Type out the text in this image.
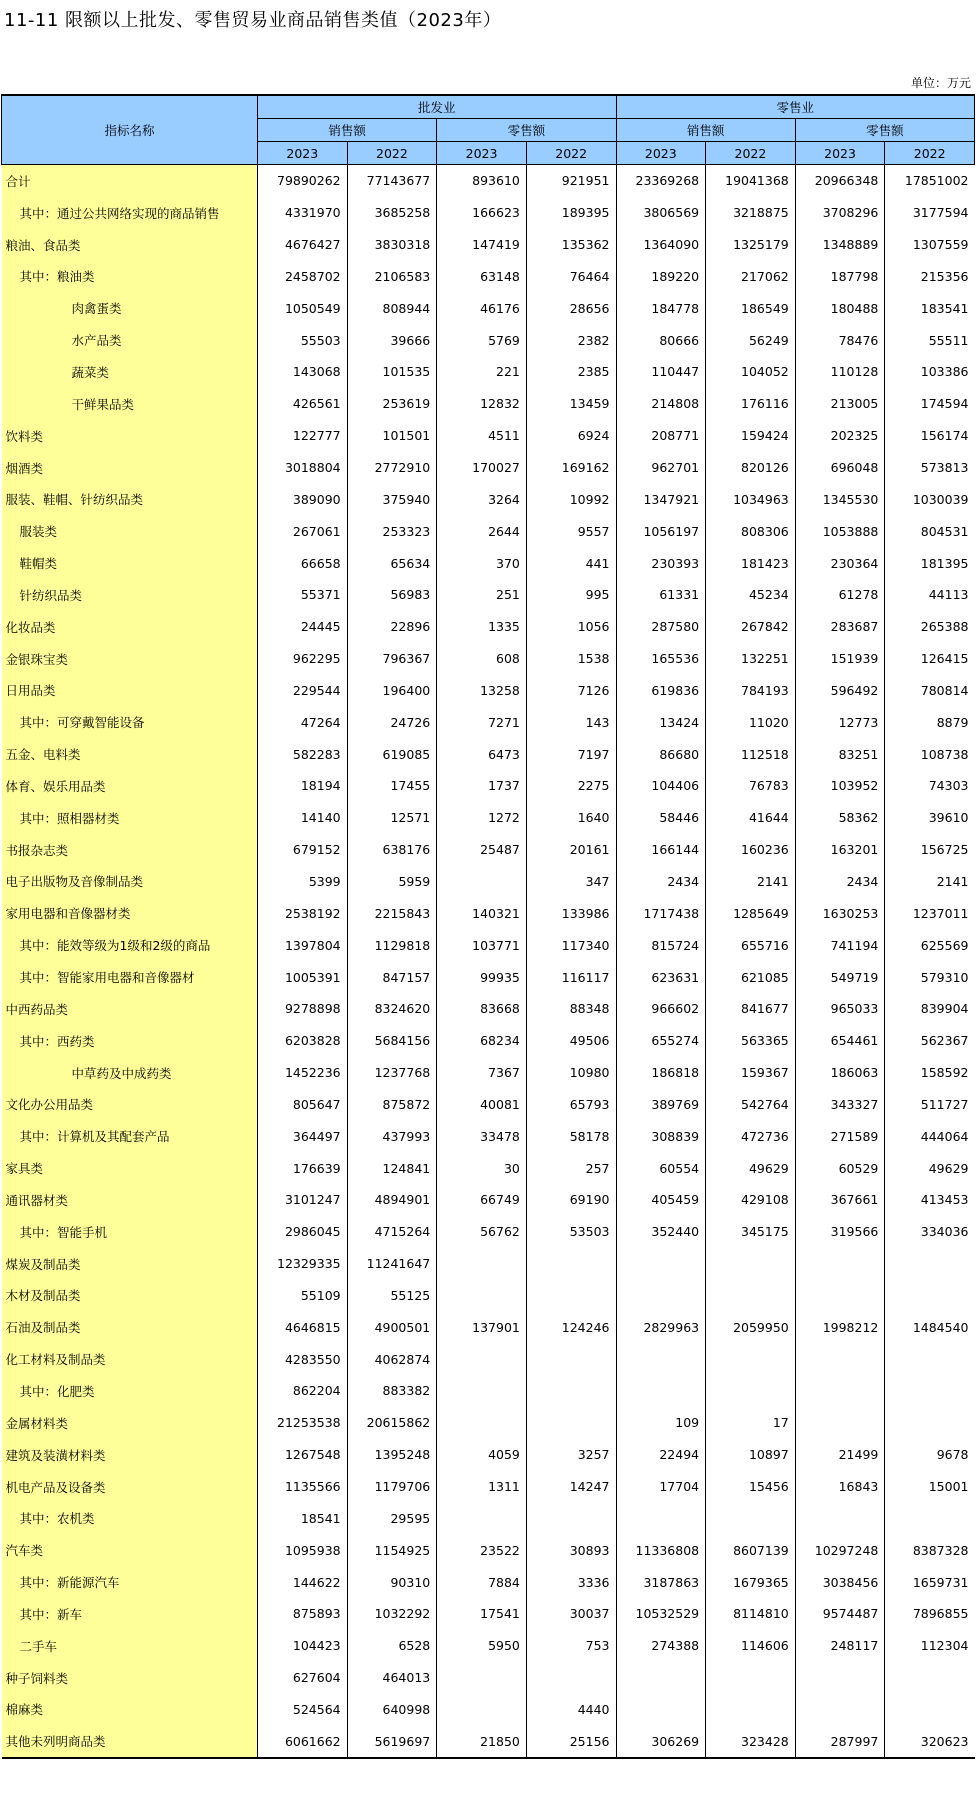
11-11 限额以上批发、零售贸易业商品销售类值（2023年）
单位：万元
指标名称	批发业				零售业			
	销售额		零售额		销售额		零售额	
	2023	2022	2023	2022	2023	2022	2023	2022
合计	79890262	77143677	893610	921951	23369268	19041368	20966348	17851002
其中：通过公共网络实现的商品销售	4331970	3685258	166623	189395	3806569	3218875	3708296	3177594
粮油、食品类	4676427	3830318	147419	135362	1364090	1325179	1348889	1307559
其中：粮油类	2458702	2106583	63148	76464	189220	217062	187798	215356
肉禽蛋类	1050549	808944	46176	28656	184778	186549	180488	183541
水产品类	55503	39666	5769	2382	80666	56249	78476	55511
蔬菜类	143068	101535	221	2385	110447	104052	110128	103386
干鲜果品类	426561	253619	12832	13459	214808	176116	213005	174594
饮料类	122777	101501	4511	6924	208771	159424	202325	156174
烟酒类	3018804	2772910	170027	169162	962701	820126	696048	573813
服装、鞋帽、针纺织品类	389090	375940	3264	10992	1347921	1034963	1345530	1030039
服装类	267061	253323	2644	9557	1056197	808306	1053888	804531
鞋帽类	66658	65634	370	441	230393	181423	230364	181395
针纺织品类	55371	56983	251	995	61331	45234	61278	44113
化妆品类	24445	22896	1335	1056	287580	267842	283687	265388
金银珠宝类	962295	796367	608	1538	165536	132251	151939	126415
日用品类	229544	196400	13258	7126	619836	784193	596492	780814
其中：可穿戴智能设备	47264	24726	7271	143	13424	11020	12773	8879
五金、电料类	582283	619085	6473	7197	86680	112518	83251	108738
体育、娱乐用品类	18194	17455	1737	2275	104406	76783	103952	74303
其中：照相器材类	14140	12571	1272	1640	58446	41644	58362	39610
书报杂志类	679152	638176	25487	20161	166144	160236	163201	156725
电子出版物及音像制品类	5399	5959		347	2434	2141	2434	2141
家用电器和音像器材类	2538192	2215843	140321	133986	1717438	1285649	1630253	1237011
其中：能效等级为1级和2级的商品	1397804	1129818	103771	117340	815724	655716	741194	625569
其中：智能家用电器和音像器材	1005391	847157	99935	116117	623631	621085	549719	579310
中西药品类	9278898	8324620	83668	88348	966602	841677	965033	839904
其中：西药类	6203828	5684156	68234	49506	655274	563365	654461	562367
中草药及中成药类	1452236	1237768	7367	10980	186818	159367	186063	158592
文化办公用品类	805647	875872	40081	65793	389769	542764	343327	511727
其中：计算机及其配套产品	364497	437993	33478	58178	308839	472736	271589	444064
家具类	176639	124841	30	257	60554	49629	60529	49629
通讯器材类	3101247	4894901	66749	69190	405459	429108	367661	413453
其中：智能手机	2986045	4715264	56762	53503	352440	345175	319566	334036
煤炭及制品类	12329335	11241647						
木材及制品类	55109	55125						
石油及制品类	4646815	4900501	137901	124246	2829963	2059950	1998212	1484540
化工材料及制品类	4283550	4062874						
其中：化肥类	862204	883382						
金属材料类	21253538	20615862			109	17		
建筑及装潢材料类	1267548	1395248	4059	3257	22494	10897	21499	9678
机电产品及设备类	1135566	1179706	1311	14247	17704	15456	16843	15001
其中：农机类	18541	29595						
汽车类	1095938	1154925	23522	30893	11336808	8607139	10297248	8387328
其中：新能源汽车	144622	90310	7884	3336	3187863	1679365	3038456	1659731
其中：新车	875893	1032292	17541	30037	10532529	8114810	9574487	7896855
二手车	104423	6528	5950	753	274388	114606	248117	112304
种子饲料类	627604	464013						
棉麻类	524564	640998		4440				
其他未列明商品类	6061662	5619697	21850	25156	306269	323428	287997	320623
